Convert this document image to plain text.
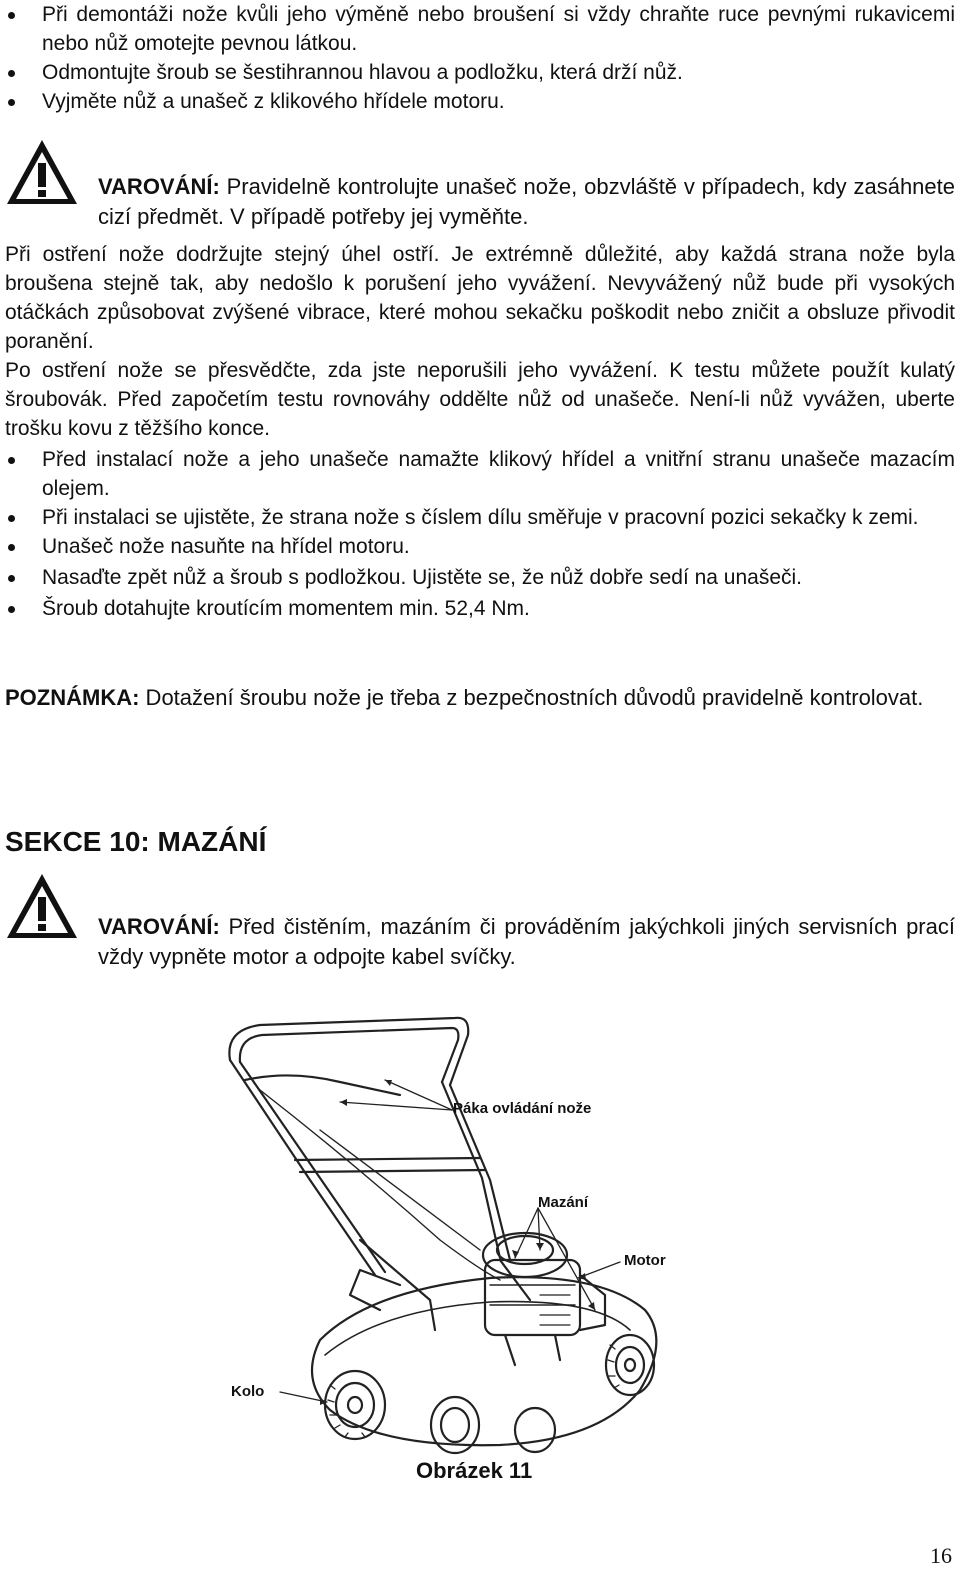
Při demontáži nože kvůli jeho výměně nebo broušení si vždy chraňte ruce pevnými rukavicemi nebo nůž omotejte pevnou látkou.
Odmontujte šroub se šestihrannou hlavou a podložku, která drží nůž.
Vyjměte nůž a unašeč z klikového hřídele motoru.

VAROVÁNÍ: Pravidelně kontrolujte unašeč nože, obzvláště v případech, kdy zasáhnete cizí předmět. V případě potřeby jej vyměňte.

Při ostření nože dodržujte stejný úhel ostří. Je extrémně důležité, aby každá strana nože byla broušena stejně tak, aby nedošlo k porušení jeho vyvážení. Nevyvážený nůž bude při vysokých otáčkách způsobovat zvýšené vibrace, které mohou sekačku poškodit nebo zničit a obsluze přivodit poranění.

Po ostření nože se přesvědčte, zda jste neporušili jeho vyvážení. K testu můžete použít kulatý šroubovák. Před započetím testu rovnováhy oddělte nůž od unašeče. Není-li nůž vyvážen, uberte trošku kovu z těžšího konce.

Před instalací nože a jeho unašeče namažte klikový hřídel a vnitřní stranu unašeče mazacím olejem.
Při instalaci se ujistěte, že strana nože s číslem dílu směřuje v pracovní pozici sekačky k zemi.
Unašeč nože nasuňte na hřídel motoru.
Nasaďte zpět nůž a šroub s podložkou. Ujistěte se, že nůž dobře sedí na unašeči.
Šroub dotahujte kroutícím momentem min. 52,4 Nm.

POZNÁMKA: Dotažení šroubu nože je třeba z bezpečnostních důvodů pravidelně kontrolovat.

SEKCE 10: MAZÁNÍ

VAROVÁNÍ: Před čistěním, mazáním či prováděním jakýchkoli jiných servisních prací vždy vypněte motor a odpojte kabel svíčky.

Páka ovládání nože
Mazání
Motor
Kolo
Obrázek 11
16
